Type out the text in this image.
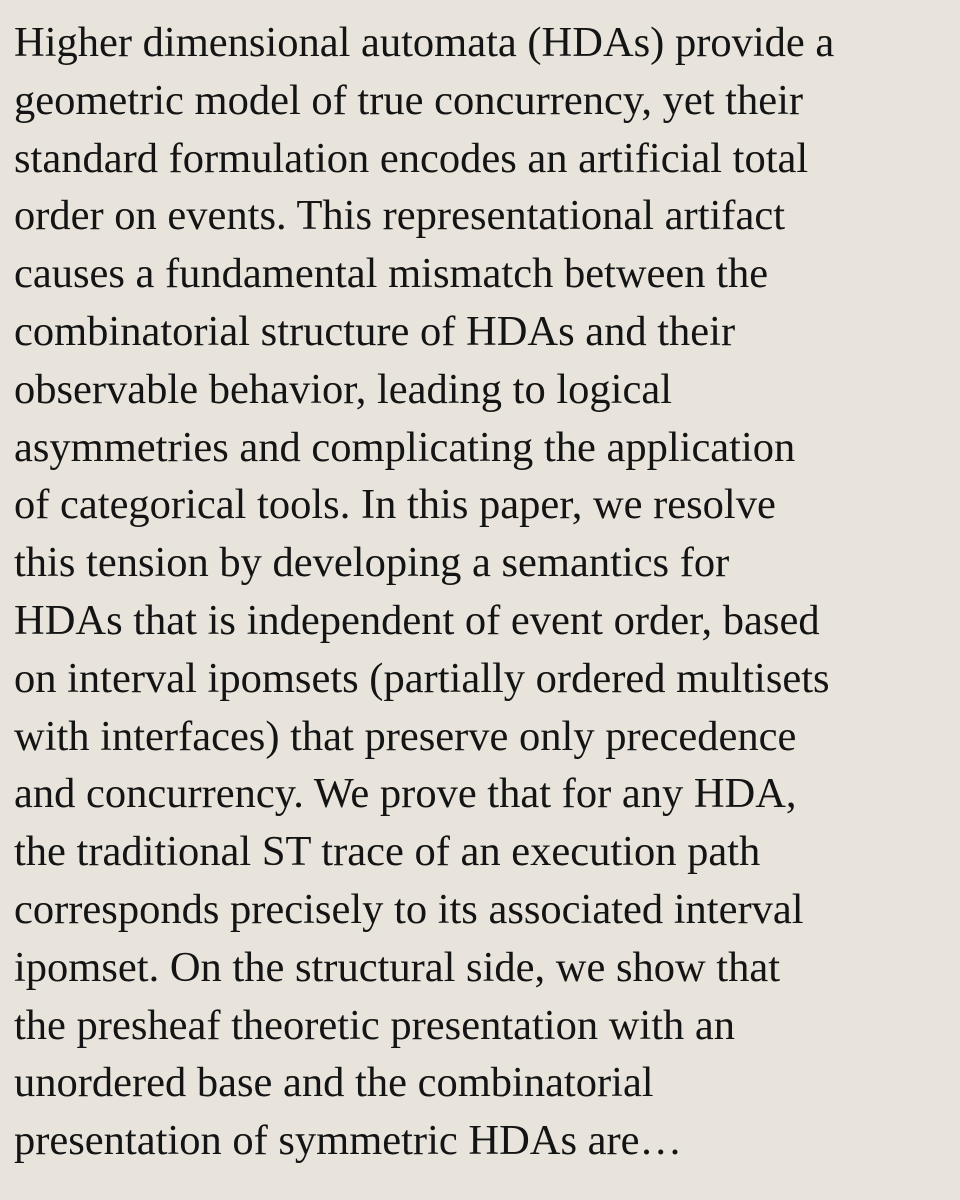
Higher dimensional automata (HDAs) provide a
geometric model of true concurrency, yet their
standard formulation encodes an artificial total
order on events. This representational artifact
causes a fundamental mismatch between the
combinatorial structure of HDAs and their
observable behavior, leading to logical
asymmetries and complicating the application
of categorical tools. In this paper, we resolve
this tension by developing a semantics for
HDAs that is independent of event order, based
on interval ipomsets (partially ordered multisets
with interfaces) that preserve only precedence
and concurrency. We prove that for any HDA,
the traditional ST trace of an execution path
corresponds precisely to its associated interval
ipomset. On the structural side, we show that
the presheaf theoretic presentation with an
unordered base and the combinatorial
presentation of symmetric HDAs are…
